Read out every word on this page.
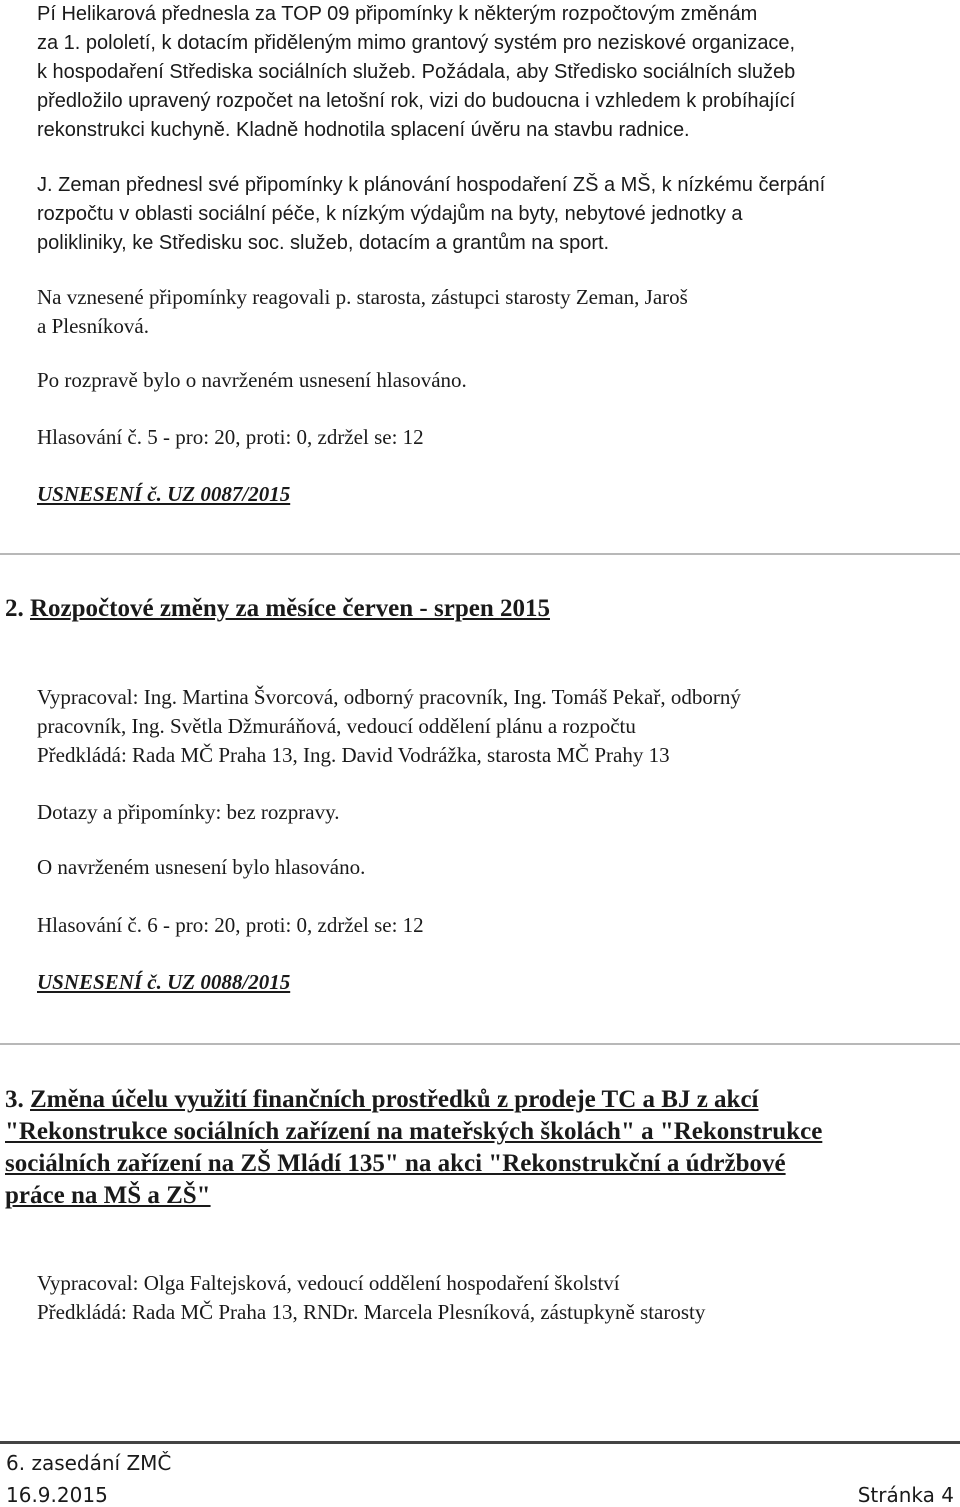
Pí Helikarová přednesla za TOP 09 připomínky k některým rozpočtovým změnám
za 1. pololetí, k dotacím přiděleným mimo grantový systém pro neziskové organizace,
k hospodaření Střediska sociálních služeb. Požádala, aby Středisko sociálních služeb
předložilo upravený rozpočet na letošní rok, vizi do budoucna i vzhledem k probíhající
rekonstrukci kuchyně. Kladně hodnotila splacení úvěru na stavbu radnice.

J. Zeman přednesl své připomínky k plánování hospodaření ZŠ a MŠ, k nízkému čerpání
rozpočtu v oblasti sociální péče, k nízkým výdajům na byty, nebytové jednotky a
polikliniky, ke Středisku soc. služeb, dotacím a grantům na sport.

Na vznesené připomínky reagovali p. starosta, zástupci starosty Zeman, Jaroš
a Plesníková.

Po rozpravě bylo o navrženém usnesení hlasováno.

Hlasování č. 5 - pro: 20, proti: 0, zdržel se: 12

USNESENÍ č. UZ 0087/2015

2. Rozpočtové změny za měsíce červen - srpen 2015

Vypracoval: Ing. Martina Švorcová, odborný pracovník, Ing. Tomáš Pekař, odborný
pracovník, Ing. Světla Džmuráňová, vedoucí oddělení plánu a rozpočtu
Předkládá: Rada MČ Praha 13, Ing. David Vodrážka, starosta MČ Prahy 13

Dotazy a připomínky: bez rozpravy.

O navrženém usnesení bylo hlasováno.

Hlasování č. 6 - pro: 20, proti: 0, zdržel se: 12

USNESENÍ č. UZ 0088/2015

3. Změna účelu využití finančních prostředků z prodeje TC a BJ z akcí
"Rekonstrukce sociálních zařízení na mateřských školách" a "Rekonstrukce
sociálních zařízení na ZŠ Mládí 135" na akci "Rekonstrukční a údržbové
práce na MŠ a ZŠ"

Vypracoval: Olga Faltejsková, vedoucí oddělení hospodaření školství
Předkládá: Rada MČ Praha 13, RNDr. Marcela Plesníková, zástupkyně starosty

6. zasedání ZMČ
16.9.2015	Stránka 4
